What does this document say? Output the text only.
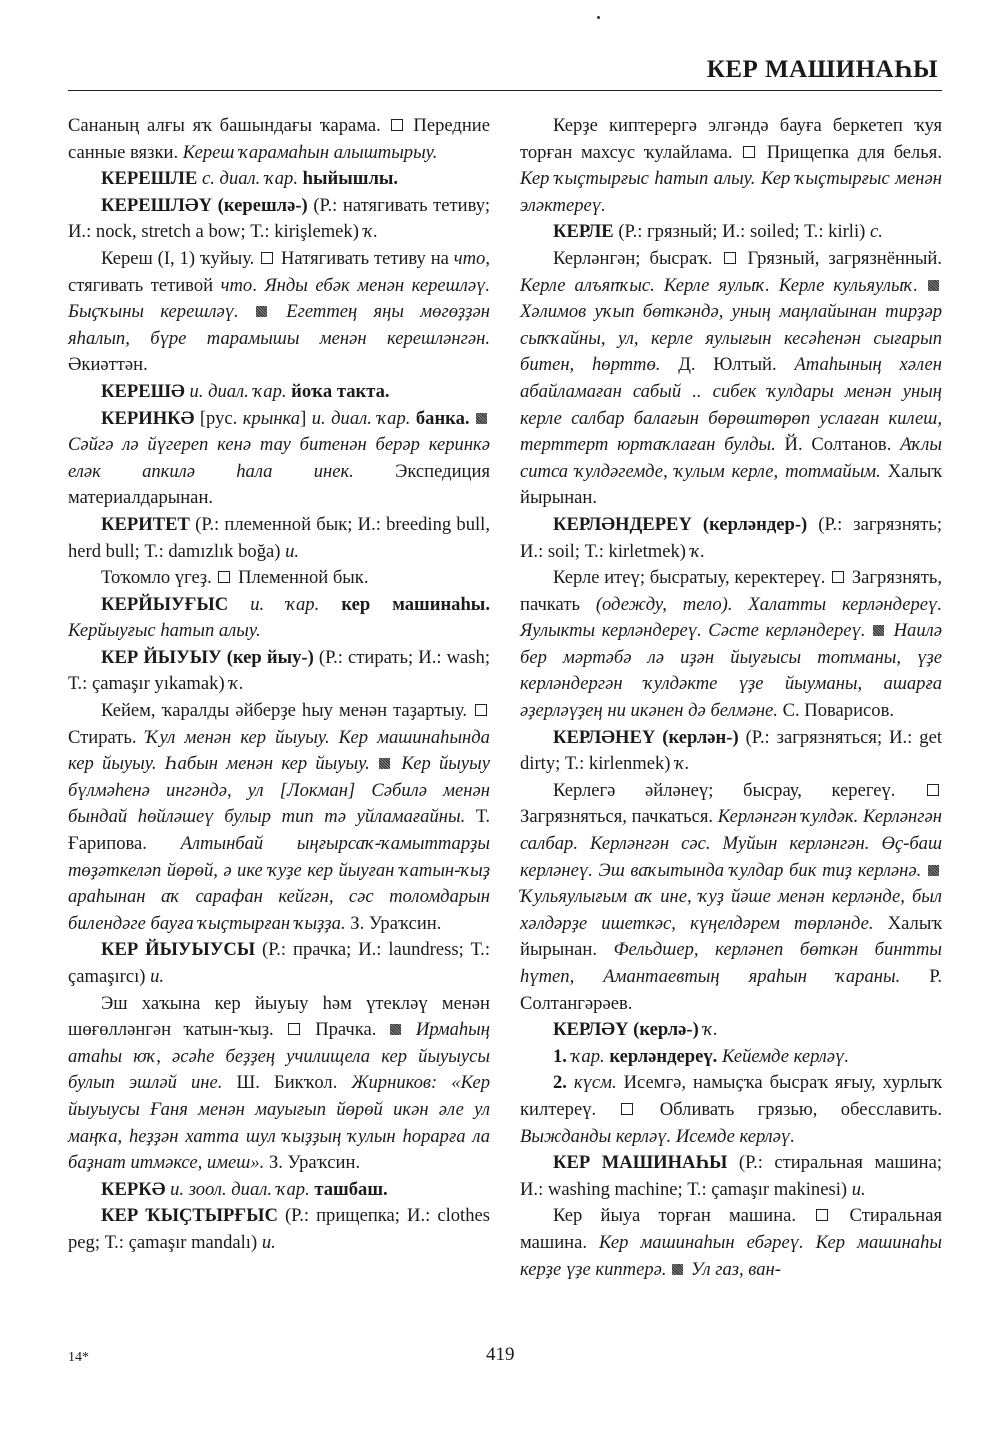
КЕР МАШИНАҺЫ

Сананың алғы яҡ башындағы ҡарама.  Передние санные вязки. Кереш ҡарамаһын алыштырыу.

КЕРЕШЛЕ с. диал. ҡар. һыйышлы.

КЕРЕШЛӘҮ (керешлә-) (Р.: натягивать тетиву; И.: nock, stretch a bow; Т.: kirişlemek) ҡ.

Кереш (I, 1) ҡуйыу.  Натягивать тетиву на что, стягивать тетивой что. Янды ебәк менән керешләү. Быҫҡыны керешләү.  Егеттең яңы мөгөҙҙән яһалып, бүре тарамышы менән керешләнгән. Әкиәттән.

КЕРЕШӘ и. диал. ҡар. йоҡа такта.

КЕРИНКӘ [рус. крынка] и. диал. ҡар. банка.  Сәйгә лә йүгереп кенә тау битенән берәр керинкә еләк апкилә һала инек. Экспедиция материалдарынан.

КЕРИТЕТ (Р.: племенной бык; И.: breeding bull, herd bull; Т.: damızlık boğa) и.

Тоҡомло үгеҙ.  Племенной бык.

КЕРЙЫУҒЫС и. ҡар. кер машинаһы. Керйыуғыс һатып алыу.

КЕР ЙЫУЫУ (кер йыу-) (Р.: стирать; И.: wash; Т.: çamaşır yıkamak) ҡ.

Кейем, ҡаралды әйберҙе һыу менән таҙартыу.  Стирать. Ҡул менән кер йыуыу. Кер машинаһында кер йыуыу. Һабын менән кер йыуыу.  Кер йыуыу бүлмәһенә ингәндә, ул [Локман] Сәбилә менән бындай һөйләшеү булыр тип тә уйламағайны. Т. Ғарипова. Алтынбай ыңғырсаҡ-ҡамыттарҙы төҙәткеләп йөрөй, ә ике ҡуҙе кер йыуған ҡатын-ҡыҙ араһынан аҡ сарафан кейгән, сәс толомдарын билендәге бауға ҡыҫтырған ҡыҙҙа. З. Ураҡсин.

КЕР ЙЫУЫУСЫ (Р.: прачка; И.: laundress; Т.: çamaşırcı) и.

Эш хаҡына кер йыуыу һәм үтекләү менән шөғөлләнгән ҡатын-ҡыҙ.  Прачка.  Ирмаһың атаһы юҡ, әсәһе беҙҙең училищела кер йыуыусы булып эшләй ине. Ш. Бикҡол. Жирников: «Кер йыуыусы Ғаня менән мауығып йөрөй икән әле ул маңҡа, һеҙҙән хатта шул ҡыҙҙың ҡулын һорарға ла баҙнат итмәксе, имеш». З. Ураҡсин.

КЕРКӘ и. зоол. диал. ҡар. ташбаш.

КЕР ҠЫҪТЫРҒЫС (Р.: прищепка; И.: clothes peg; Т.: çamaşır mandalı) и.

Керҙе киптерергә элгәндә бауға беркетеп ҡуя торған махсус ҡулайлама.  Прищепка для белья. Кер ҡыҫтырғыс һатып алыу. Кер ҡыҫтырғыс менән эләктереү.

КЕРЛЕ (Р.: грязный; И.: soiled; Т.: kirli) с.

Керләнгән; бысраҡ.  Грязный, загрязнённый. Керле алъяпҡыс. Керле яулыҡ. Керле кульяулыҡ.  Хәлимов уҡып бөткәндә, уның маңлайынан тирҙәр сыҡҡайны, ул, керле яулығын кесәһенән сығарып битен, һөрттө. Д. Юлтый. Атаһының хәлен абайламаған сабый .. сибек ҡулдары менән уның керле салбар балағын бөрөштөрөп услаған килеш, терттерт юртаҡлаған булды. Й. Солтанов. Аҡлы ситса ҡулдәгемде, ҡулым керле, тотмайым. Халыҡ йырынан.

КЕРЛӘНДЕРЕҮ (керләндер-) (Р.: загрязнять; И.: soil; Т.: kirletmek) ҡ.

Керле итеү; бысратыу, керектереү.  Загрязнять, пачкать (одежду, тело). Халатты керләндереү. Яулыкты керләндереү. Сәсте керләндереү.  Наилә бер мәртәбә лә иҙән йыуғысы тотманы, үҙе керләндергән ҡулдәкте үҙе йыуманы, ашарға әҙерләүҙең ни икәнен дә белмәне. С. Поварисов.

КЕРЛӘНЕҮ (керлән-) (Р.: загрязняться; И.: get dirty; Т.: kirlenmek) ҡ.

Керлегә әйләнеү; бысрау, керегеү.  Загрязняться, пачкаться. Керләнгән ҡулдәк. Керләнгән салбар. Керләнгән сәс. Муйын керләнгән. Өҫ-баш керләнеү. Эш ваҡытында ҡулдар бик тиҙ керләнә.  Ҡульяулығым аҡ ине, ҡуҙ йәше менән керләнде, был хәлдәрҙе ишеткәс, күңелдәрем төрләнде. Халыҡ йырынан. Фельдшер, керләнеп бөткән бинтты һүтеп, Амантаевтың яраһын ҡараны. Р. Солтангәрәев.

КЕРЛӘҮ (керлә-) ҡ.

1. ҡар. керләндереү. Кейемде керләү.

2. күсм. Исемгә, намыҫҡа бысраҡ яғыу, хурлыҡ килтереү.  Обливать грязью, обесславить. Выжданды керләү. Исемде керләү.

КЕР МАШИНАҺЫ (Р.: стиральная машина; И.: washing machine; Т.: çamaşır makinesi) и.

Кер йыуа торған машина.  Стиральная машина. Кер машинаһын ебәреү. Кер машинаһы керҙе үҙе киптерә.  Ул газ, ван-

14*	419
